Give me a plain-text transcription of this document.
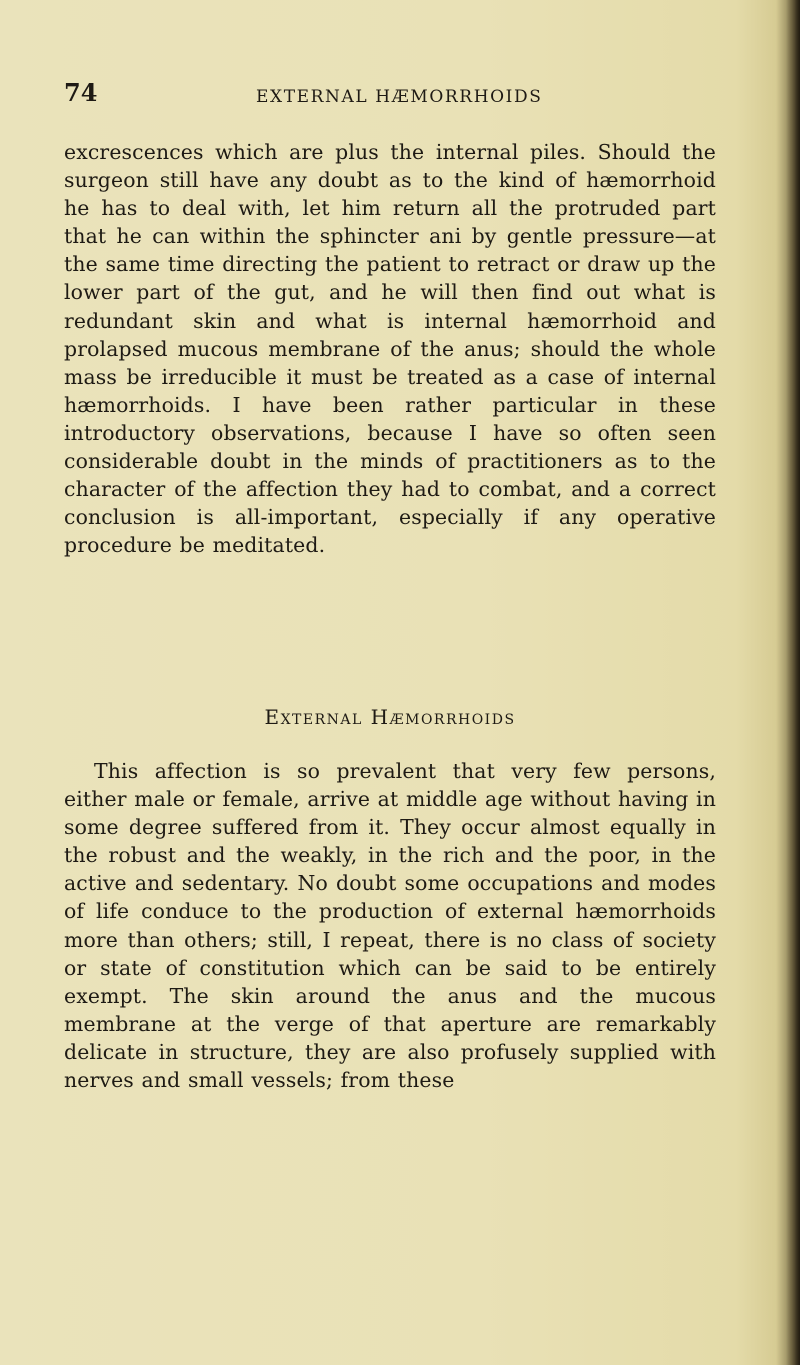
74	EXTERNAL HÆMORRHOIDS

excrescences which are plus the internal piles. Should the surgeon still have any doubt as to the kind of hæmorrhoid he has to deal with, let him return all the protruded part that he can within the sphincter ani by gentle pressure—at the same time directing the patient to retract or draw up the lower part of the gut, and he will then find out what is redundant skin and what is internal hæmorrhoid and prolapsed mucous membrane of the anus; should the whole mass be irreducible it must be treated as a case of internal hæmorrhoids. I have been rather particular in these introductory observations, because I have so often seen considerable doubt in the minds of practitioners as to the character of the affection they had to combat, and a correct conclusion is all-important, especially if any operative procedure be meditated.

External Hæmorrhoids

This affection is so prevalent that very few persons, either male or female, arrive at middle age without having in some degree suffered from it. They occur almost equally in the robust and the weakly, in the rich and the poor, in the active and sedentary. No doubt some occupations and modes of life conduce to the production of external hæmorrhoids more than others; still, I repeat, there is no class of society or state of constitution which can be said to be entirely exempt. The skin around the anus and the mucous membrane at the verge of that aperture are remarkably delicate in structure, they are also profusely supplied with nerves and small vessels; from these
